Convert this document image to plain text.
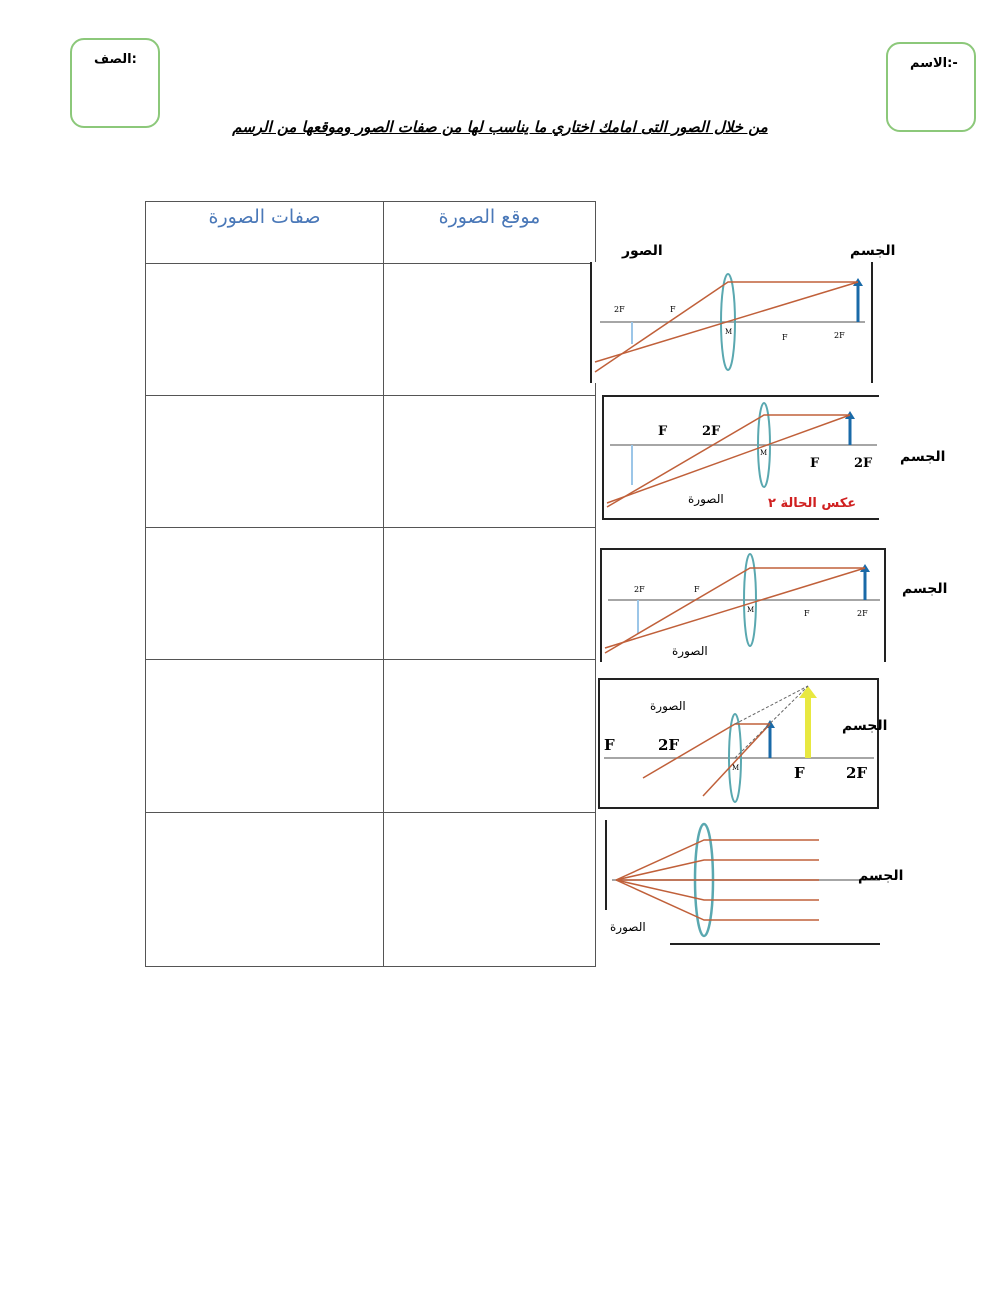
الصف:	الاسم:-
من خلال الصور التى امامك اختاري ما يناسب لها من صفات الصور وموقعها من الرسم
صفات الصورة	موقع الصورة

2F	F
M
F	2F
الجسم
الصور
F	2F
M
F	2F الجسم
الصورة	عكس الحالة ٢
2F	F
M	F	2F
الجسم
الصورة
F	2F
M	F	2F
الجسم
الصورة
الجسم
الصورة
